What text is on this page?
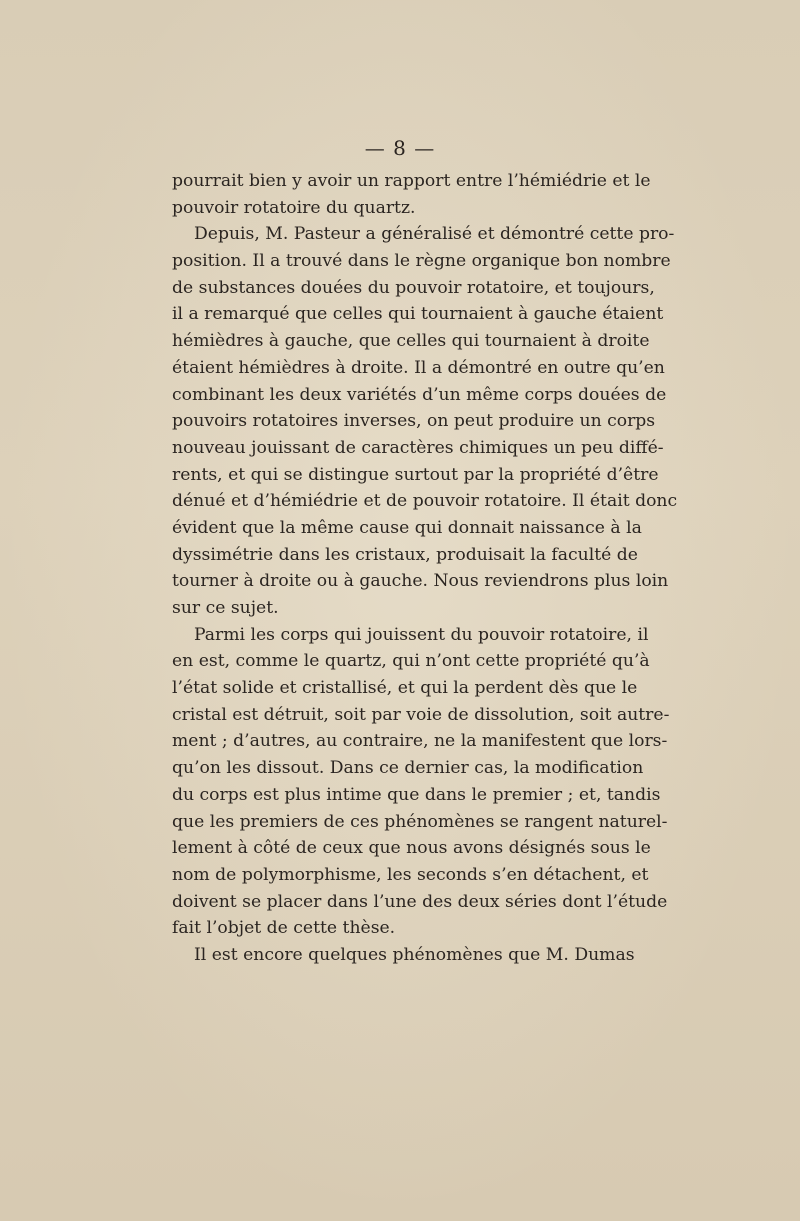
— 8 —

pourrait bien y avoir un rapport entre l’hémiédrie et le
pouvoir rotatoire du quartz.
Depuis, M. Pasteur a généralisé et démontré cette pro-
position. Il a trouvé dans le règne organique bon nombre
de substances douées du pouvoir rotatoire, et toujours,
il a remarqué que celles qui tournaient à gauche étaient
hémièdres à gauche, que celles qui tournaient à droite
étaient hémièdres à droite. Il a démontré en outre qu’en
combinant les deux variétés d’un même corps douées de
pouvoirs rotatoires inverses, on peut produire un corps
nouveau jouissant de caractères chimiques un peu diffé-
rents, et qui se distingue surtout par la propriété d’être
dénué et d’hémiédrie et de pouvoir rotatoire. Il était donc
évident que la même cause qui donnait naissance à la
dyssimétrie dans les cristaux, produisait la faculté de
tourner à droite ou à gauche. Nous reviendrons plus loin
sur ce sujet.
Parmi les corps qui jouissent du pouvoir rotatoire, il
en est, comme le quartz, qui n’ont cette propriété qu’à
l’état solide et cristallisé, et qui la perdent dès que le
cristal est détruit, soit par voie de dissolution, soit autre-
ment ; d’autres, au contraire, ne la manifestent que lors-
qu’on les dissout. Dans ce dernier cas, la modification
du corps est plus intime que dans le premier ; et, tandis
que les premiers de ces phénomènes se rangent naturel-
lement à côté de ceux que nous avons désignés sous le
nom de polymorphisme, les seconds s’en détachent, et
doivent se placer dans l’une des deux séries dont l’étude
fait l’objet de cette thèse.
Il est encore quelques phénomènes que M. Dumas
